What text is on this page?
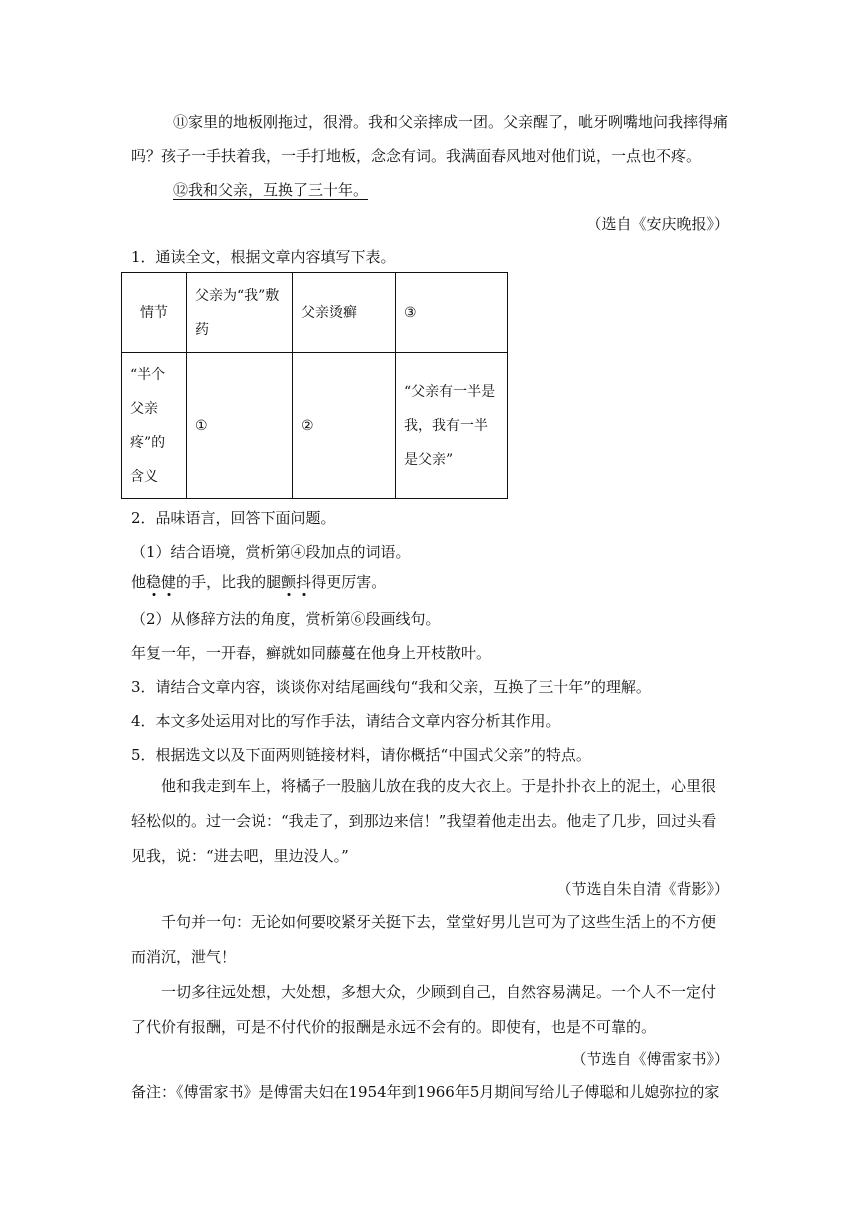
⑪家里的地板刚拖过，很滑。我和父亲摔成一团。父亲醒了，呲牙咧嘴地问我摔得痛

吗？孩子一手扶着我，一手打地板，念念有词。我满面春风地对他们说，一点也不疼。

⑫我和父亲，互换了三十年。

（选自《安庆晚报》）

1．通读全文，根据文章内容填写下表。

情节	父亲为“我”敷药	父亲烫癣	③
“半个父亲疼”的含义	①	②	“父亲有一半是我，我有一半是父亲”

2．品味语言，回答下面问题。

（1）结合语境，赏析第④段加点的词语。

他稳健的手，比我的腿颤抖得更厉害。

（2）从修辞方法的角度，赏析第⑥段画线句。

年复一年，一开春，癣就如同藤蔓在他身上开枝散叶。

3．请结合文章内容，谈谈你对结尾画线句“我和父亲，互换了三十年”的理解。

4．本文多处运用对比的写作手法，请结合文章内容分析其作用。

5．根据选文以及下面两则链接材料，请你概括“中国式父亲”的特点。

他和我走到车上，将橘子一股脑儿放在我的皮大衣上。于是扑扑衣上的泥土，心里很轻松似的。过一会说：“我走了，到那边来信！”我望着他走出去。他走了几步，回过头看见我，说：“进去吧，里边没人。”

（节选自朱自清《背影》）

千句并一句：无论如何要咬紧牙关挺下去，堂堂好男儿岂可为了这些生活上的不方便而消沉，泄气！

一切多往远处想，大处想，多想大众，少顾到自己，自然容易满足。一个人不一定付了代价有报酬，可是不付代价的报酬是永远不会有的。即使有，也是不可靠的。

（节选自《傅雷家书》）

备注：《傅雷家书》是傅雷夫妇在1954年到1966年5月期间写给儿子傅聪和儿媳弥拉的家
